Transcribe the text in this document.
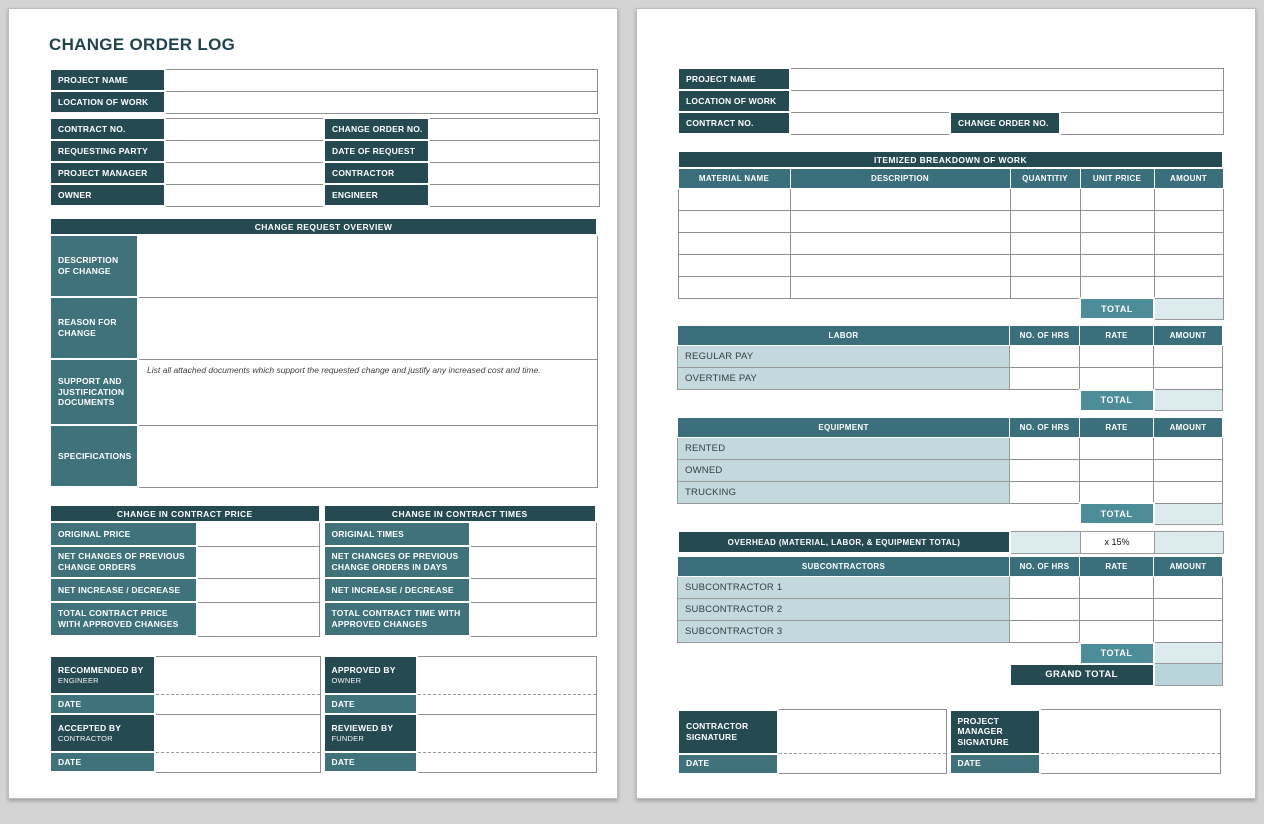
CHANGE ORDER LOG
PROJECT NAME	
LOCATION OF WORK	
CONTRACT NO.		CHANGE ORDER NO.	
REQUESTING PARTY		DATE OF REQUEST	
PROJECT MANAGER		CONTRACTOR	
OWNER		ENGINEER	
CHANGE REQUEST OVERVIEW	
DESCRIPTION OF CHANGE	
REASON FOR CHANGE	
SUPPORT AND JUSTIFICATION DOCUMENTS	List all attached documents which support the requested change and justify any increased cost and time.

SPECIFICATIONS	
CHANGE IN CONTRACT PRICE	
ORIGINAL PRICE	
NET CHANGES OF PREVIOUS CHANGE ORDERS	
NET INCREASE / DECREASE	
TOTAL CONTRACT PRICE WITH APPROVED CHANGES	
CHANGE IN CONTRACT TIMES	
ORIGINAL TIMES	
NET CHANGES OF PREVIOUS CHANGE ORDERS IN DAYS	
NET INCREASE / DECREASE	
TOTAL CONTRACT TIME WITH APPROVED CHANGES	
RECOMMENDED BY
ENGINEER	

DATE	

ACCEPTED BY
CONTRACTOR	

DATE	
APPROVED BY
OWNER	

DATE	

REVIEWED BY
FUNDER	

DATE	
PROJECT NAME			
LOCATION OF WORK			
CONTRACT NO.		CHANGE ORDER NO.	
ITEMIZED BREAKDOWN OF WORK				
MATERIAL NAME	DESCRIPTION	QUANTITIY	UNIT PRICE	AMOUNT

			TOTAL	
LABOR	NO. OF HRS	RATE	AMOUNT
REGULAR PAY			
OVERTIME PAY			
		TOTAL	
EQUIPMENT	NO. OF HRS	RATE	AMOUNT
RENTED			
OWNED			
TRUCKING			
		TOTAL	
OVERHEAD (MATERIAL, LABOR, & EQUIPMENT TOTAL)		x 15%	
SUBCONTRACTORS	NO. OF HRS	RATE	AMOUNT
SUBCONTRACTOR 1			
SUBCONTRACTOR 2			
SUBCONTRACTOR 3			
		TOTAL	
	GRAND TOTAL		
CONTRACTOR SIGNATURE	
DATE	
PROJECT MANAGER SIGNATURE	
DATE	
